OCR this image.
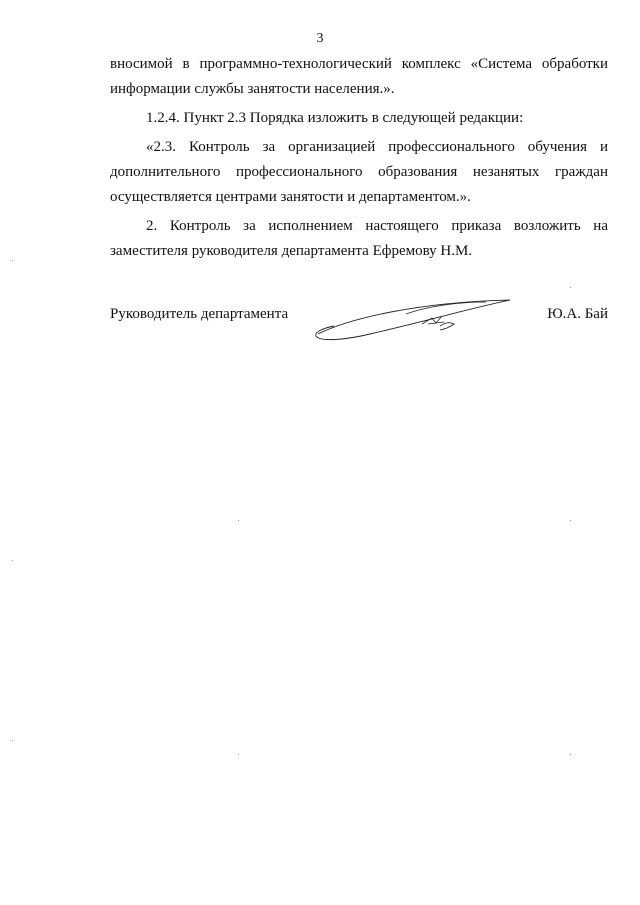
3

вносимой в программно-технологический комплекс «Система обработки информации службы занятости населения.».

1.2.4. Пункт 2.3 Порядка изложить в следующей редакции:

«2.3. Контроль за организацией профессионального обучения и дополнительного профессионального образования незанятых граждан осуществляется центрами занятости и департаментом.».

2. Контроль за исполнением настоящего приказа возложить на заместителя руководителя департамента Ефремову Н.М.

Руководитель департамента	Ю.А. Бай
